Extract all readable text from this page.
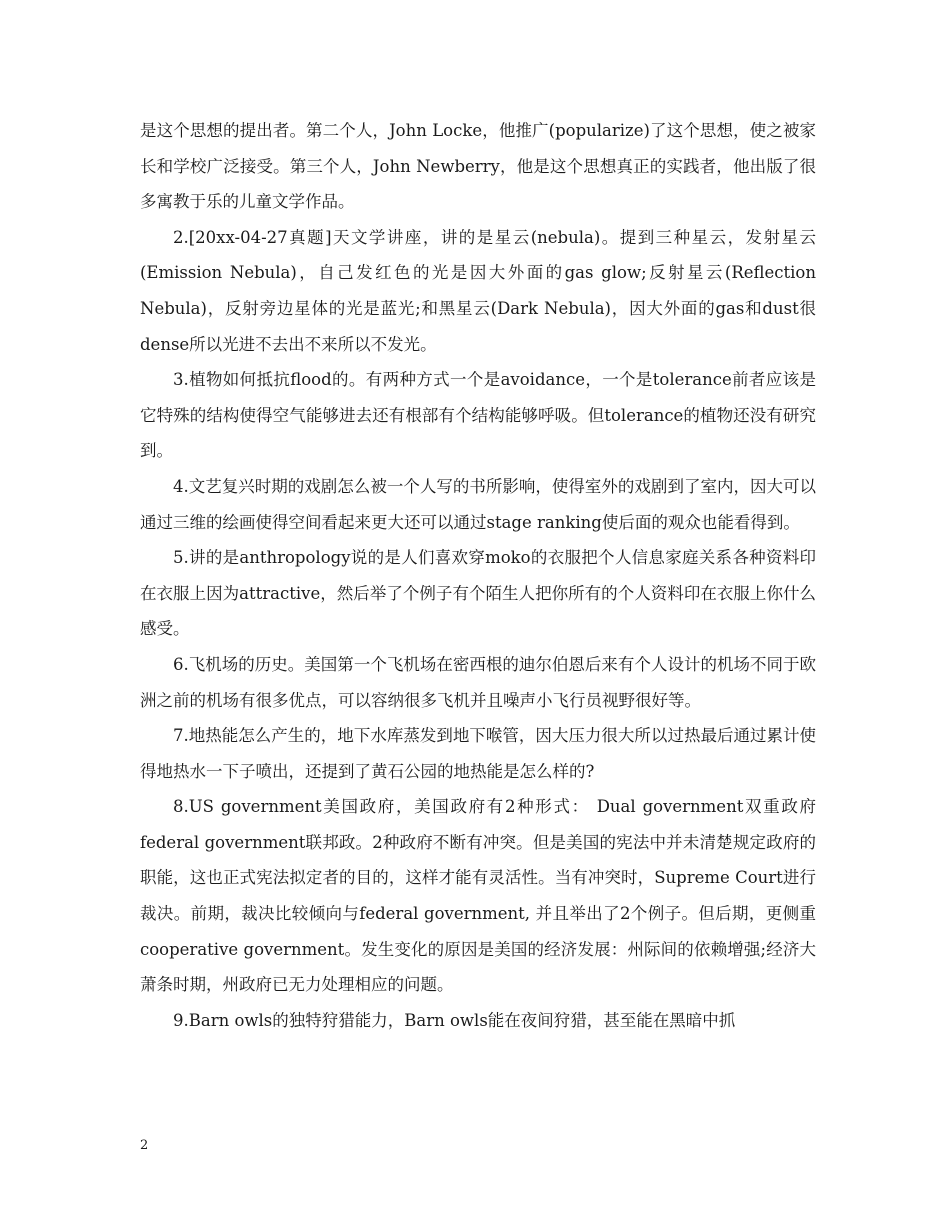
是这个思想的提出者。第二个人，John Locke，他推广(popularize)了这个思想，使之被家长和学校广泛接受。第三个人，John Newberry，他是这个思想真正的实践者，他出版了很多寓教于乐的儿童文学作品。

2.[20xx-04-27真题]天文学讲座，讲的是星云(nebula)。提到三种星云，发射星云(Emission Nebula)，自己发红色的光是因大外面的gas glow;反射星云(Reflection Nebula)，反射旁边星体的光是蓝光;和黑星云(Dark Nebula)，因大外面的gas和dust很dense所以光进不去出不来所以不发光。

3.植物如何抵抗flood的。有两种方式一个是avoidance，一个是tolerance前者应该是它特殊的结构使得空气能够进去还有根部有个结构能够呼吸。但tolerance的植物还没有研究到。

4.文艺复兴时期的戏剧怎么被一个人写的书所影响，使得室外的戏剧到了室内，因大可以通过三维的绘画使得空间看起来更大还可以通过stage ranking使后面的观众也能看得到。

5.讲的是anthropology说的是人们喜欢穿moko的衣服把个人信息家庭关系各种资料印在衣服上因为attractive，然后举了个例子有个陌生人把你所有的个人资料印在衣服上你什么感受。

6.飞机场的历史。美国第一个飞机场在密西根的迪尔伯恩后来有个人设计的机场不同于欧洲之前的机场有很多优点，可以容纳很多飞机并且噪声小飞行员视野很好等。

7.地热能怎么产生的，地下水库蒸发到地下喉管，因大压力很大所以过热最后通过累计使得地热水一下子喷出，还提到了黄石公园的地热能是怎么样的?

8.US government美国政府，美国政府有2种形式： Dual government双重政府federal government联邦政。2种政府不断有冲突。但是美国的宪法中并未清楚规定政府的职能，这也正式宪法拟定者的目的，这样才能有灵活性。当有冲突时，Supreme Court进行裁决。前期，裁决比较倾向与federal government, 并且举出了2个例子。但后期，更侧重cooperative government。发生变化的原因是美国的经济发展：州际间的依赖增强;经济大萧条时期，州政府已无力处理相应的问题。

9.Barn owls的独特狩猎能力，Barn owls能在夜间狩猎，甚至能在黑暗中抓

2
